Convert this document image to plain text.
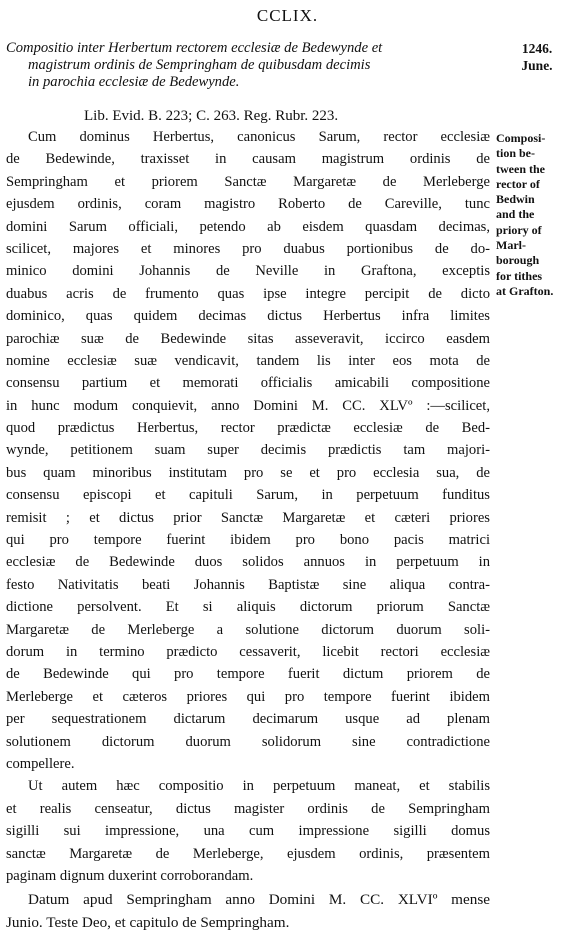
CCLIX.
Compositio inter Herbertum rectorem ecclesiæ de Bedewynde et
magistrum ordinis de Sempringham de quibusdam decimis
in parochia ecclesiæ de Bedewynde.
1246.
June.
Lib. Evid. B. 223; C. 263. Reg. Rubr. 223.
Composi-
tion be-
tween the
rector of
Bedwin
and the
priory of
Marl-
borough
for tithes
at Grafton.
Cum dominus Herbertus, canonicus Sarum, rector ecclesiæ
de Bedewinde, traxisset in causam magistrum ordinis de
Sempringham et priorem Sanctæ Margaretæ de Merleberge
ejusdem ordinis, coram magistro Roberto de Careville, tunc
domini Sarum officiali, petendo ab eisdem quasdam decimas,
scilicet, majores et minores pro duabus portionibus de do-
minico domini Johannis de Neville in Graftona, exceptis
duabus acris de frumento quas ipse integre percipit de dicto
dominico, quas quidem decimas dictus Herbertus infra limites
parochiæ suæ de Bedewinde sitas asseveravit, iccirco easdem
nomine ecclesiæ suæ vendicavit, tandem lis inter eos mota de
consensu partium et memorati officialis amicabili compositione
in hunc modum conquievit, anno Domini M. CC. XLVº :—scilicet,
quod prædictus Herbertus, rector prædictæ ecclesiæ de Bed-
wynde, petitionem suam super decimis prædictis tam majori-
bus quam minoribus institutam pro se et pro ecclesia sua, de
consensu episcopi et capituli Sarum, in perpetuum funditus
remisit ; et dictus prior Sanctæ Margaretæ et cæteri priores
qui pro tempore fuerint ibidem pro bono pacis matrici
ecclesiæ de Bedewinde duos solidos annuos in perpetuum in
festo Nativitatis beati Johannis Baptistæ sine aliqua contra-
dictione persolvent. Et si aliquis dictorum priorum Sanctæ
Margaretæ de Merleberge a solutione dictorum duorum soli-
dorum in termino prædicto cessaverit, licebit rectori ecclesiæ
de Bedewinde qui pro tempore fuerit dictum priorem de
Merleberge et cæteros priores qui pro tempore fuerint ibidem
per sequestrationem dictarum decimarum usque ad plenam
solutionem dictorum duorum solidorum sine contradictione
compellere.
Ut autem hæc compositio in perpetuum maneat, et stabilis
et realis censeatur, dictus magister ordinis de Sempringham
sigilli sui impressione, una cum impressione sigilli domus
sanctæ Margaretæ de Merleberge, ejusdem ordinis, præsentem
paginam dignum duxerint corroborandam.
Datum apud Sempringham anno Domini M. CC. XLVIº mense
Junio. Teste Deo, et capitulo de Sempringham.
